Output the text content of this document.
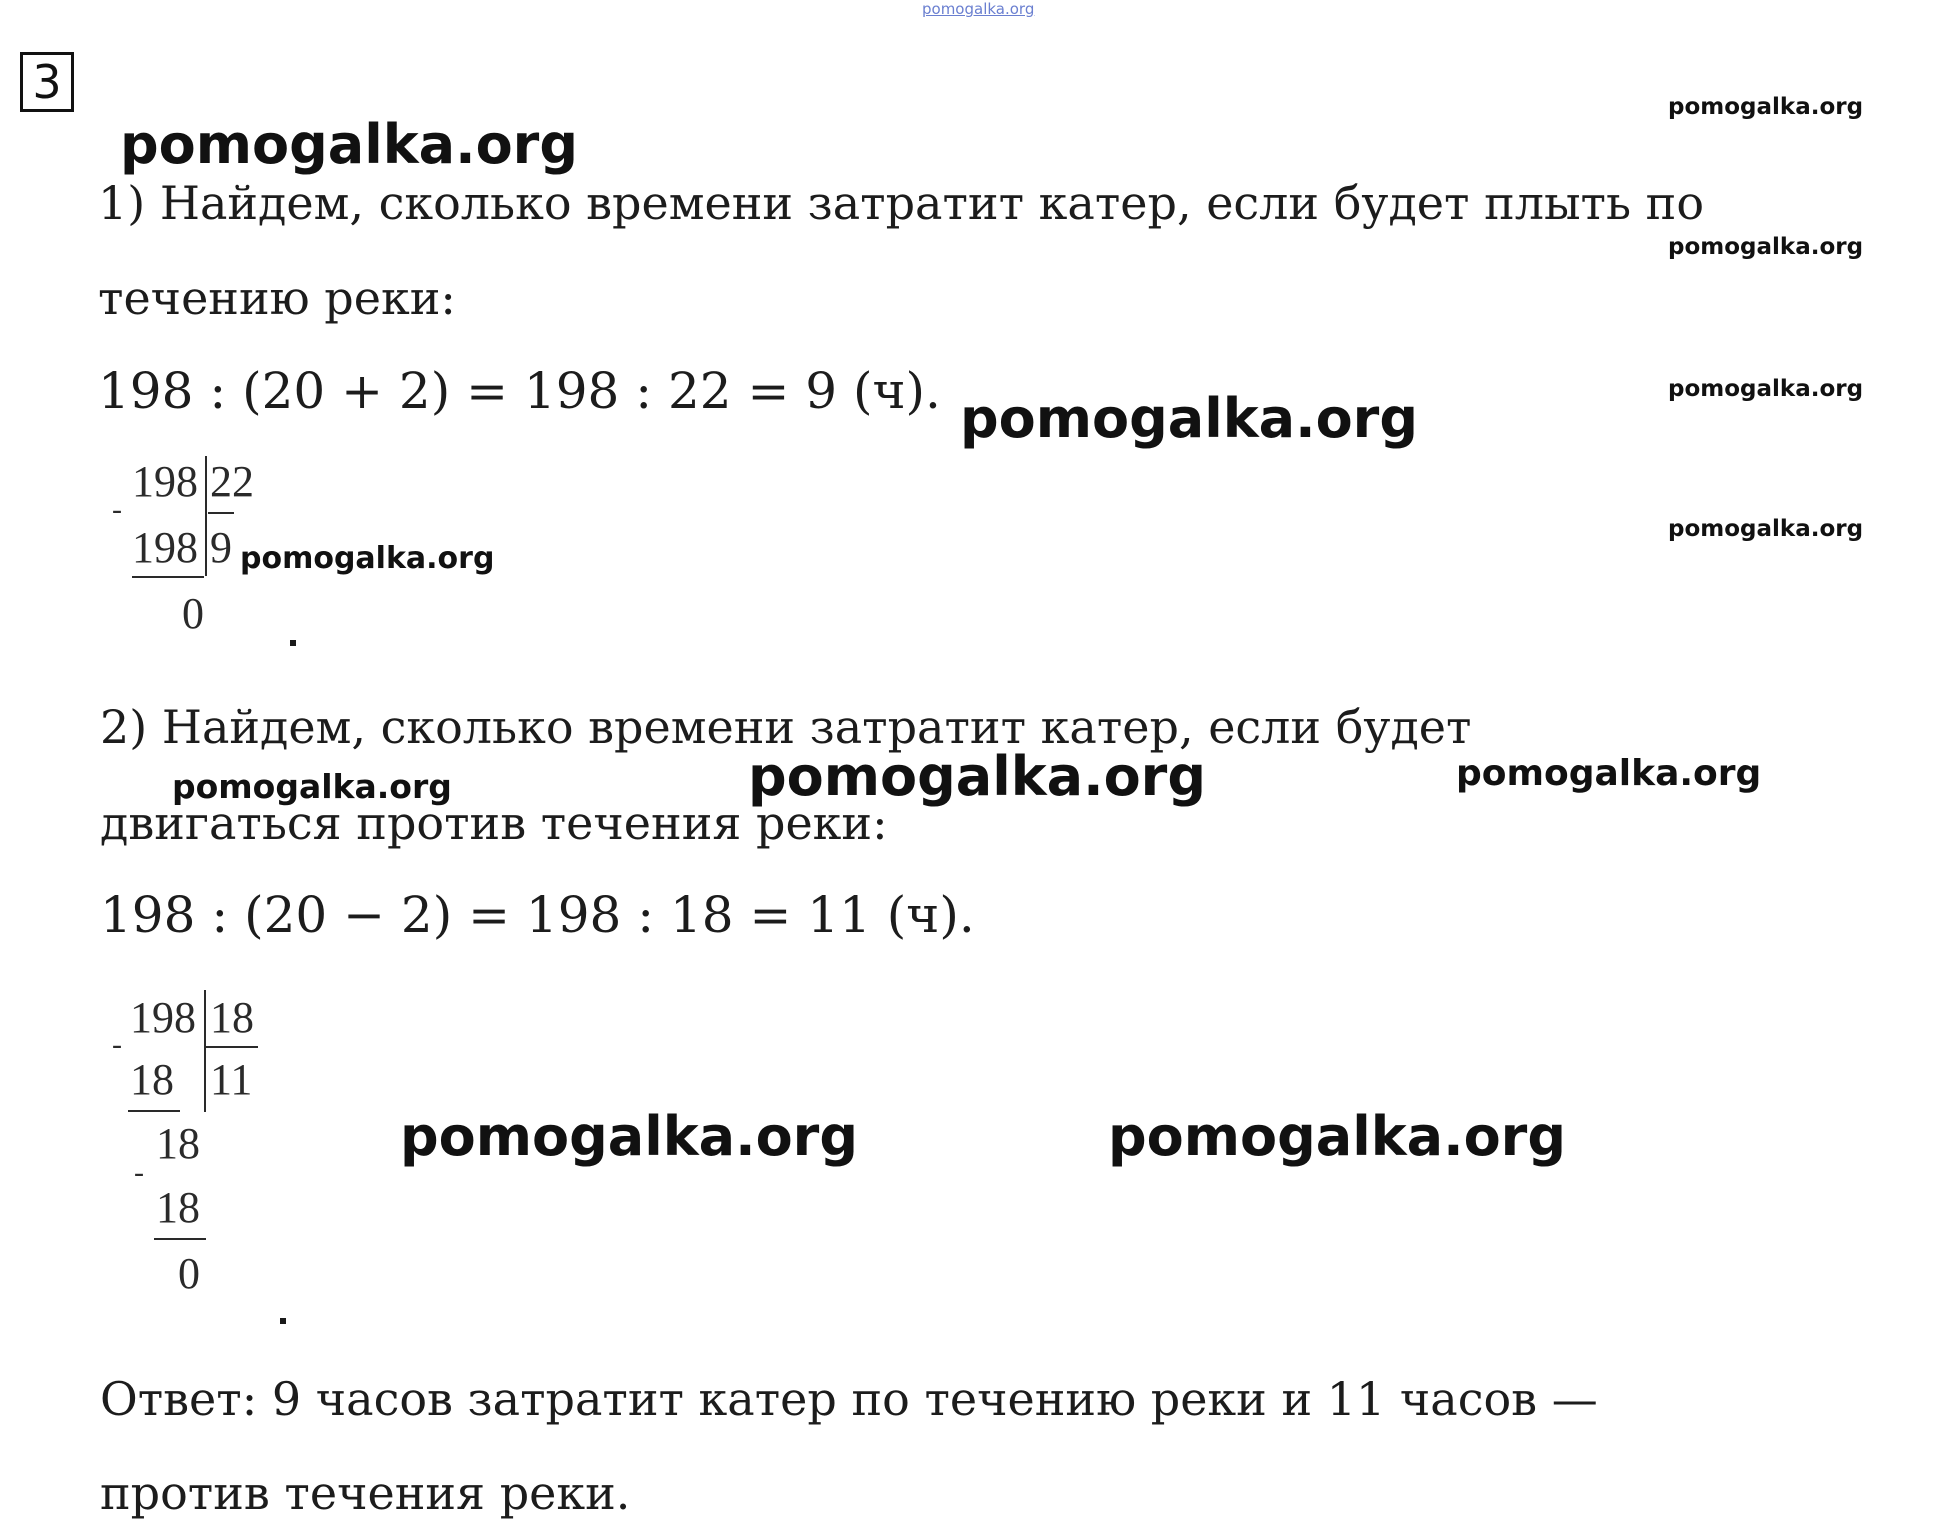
pomogalka.org
3
pomogalka.org
pomogalka.org
pomogalka.org
pomogalka.org
pomogalka.org
1) Найдем, сколько времени затратит катер, если будет плыть по
течению реки:
198 : (20 + 2) = 198 : 22 = 9 (ч). pomogalka.org
198 22
-
198 9
0
pomogalka.org
2) Найдем, сколько времени затратит катер, если будет
pomogalka.org
pomogalka.org	pomogalka.org
двигаться против течения реки:
198 : (20 − 2) = 198 : 18 = 11 (ч).
198 18
-
18 11
18
-
18
0
pomogalka.org	pomogalka.org
Ответ: 9 часов затратит катер по течению реки и 11 часов —
против течения реки.
